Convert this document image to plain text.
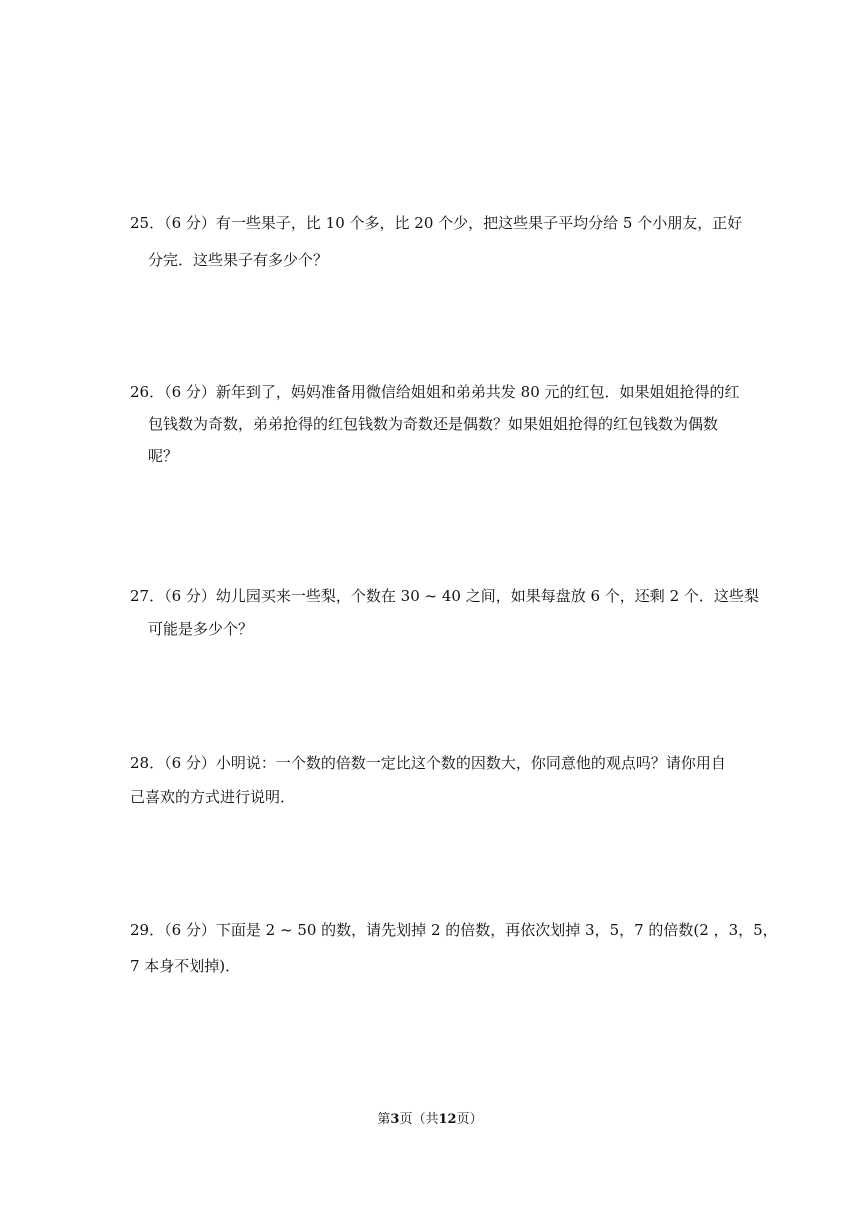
25．（6 分）有一些果子，比 10 个多，比 20 个少，把这些果子平均分给 5 个小朋友，正好
分完．这些果子有多少个？
26．（6 分）新年到了，妈妈准备用微信给姐姐和弟弟共发 80 元的红包．如果姐姐抢得的红
包钱数为奇数，弟弟抢得的红包钱数为奇数还是偶数？如果姐姐抢得的红包钱数为偶数
呢？
27．（6 分）幼儿园买来一些梨，个数在 30 ~ 40 之间，如果每盘放 6 个，还剩 2 个．这些梨
可能是多少个？
28．（6 分）小明说：一个数的倍数一定比这个数的因数大，你同意他的观点吗？请你用自
己喜欢的方式进行说明．
29．（6 分）下面是 2 ~ 50 的数，请先划掉 2 的倍数，再依次划掉 3，5，7 的倍数(2 ，3，5，
7 本身不划掉)．
第3页（共12页）
